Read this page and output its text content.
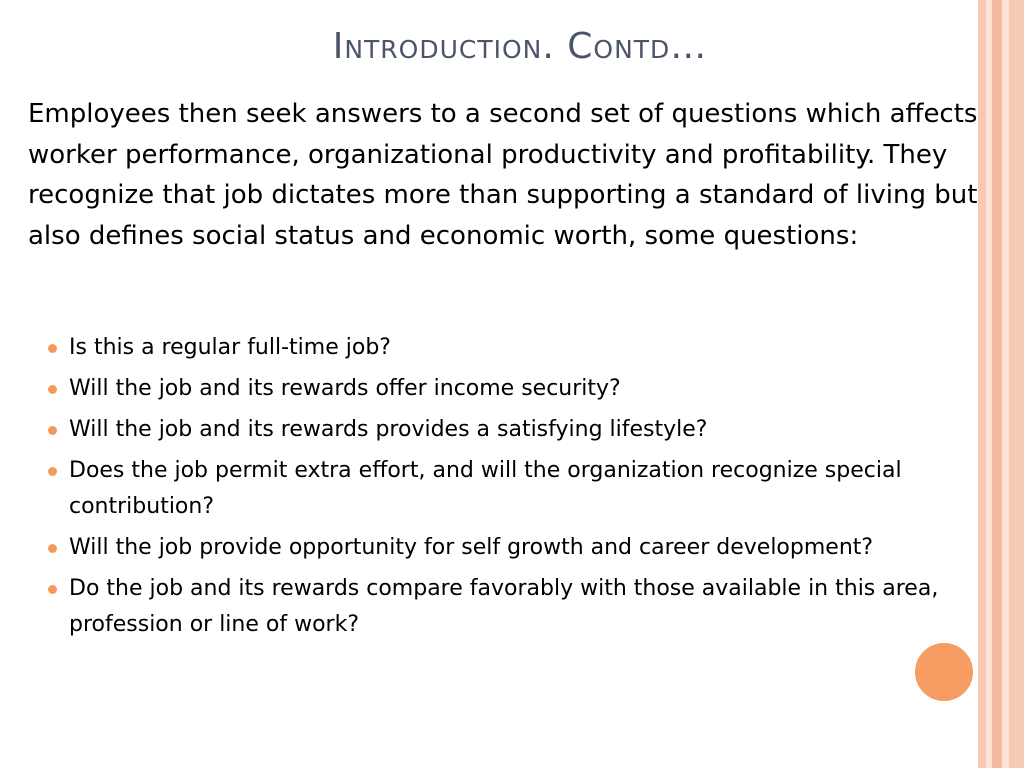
Introduction. Contd…

Employees then seek answers to a second set of questions which affects worker performance, organizational productivity and profitability. They recognize that job dictates more than supporting a standard of living but also defines social status and economic worth, some questions:

Is this a regular full-time job?
Will the job and its rewards offer income security?
Will the job and its rewards provides a satisfying lifestyle?
Does the job permit extra effort, and will the organization recognize special contribution?
Will the job provide opportunity for self growth and career development?
Do the job and its rewards compare favorably with those available in this area, profession or line of work?
